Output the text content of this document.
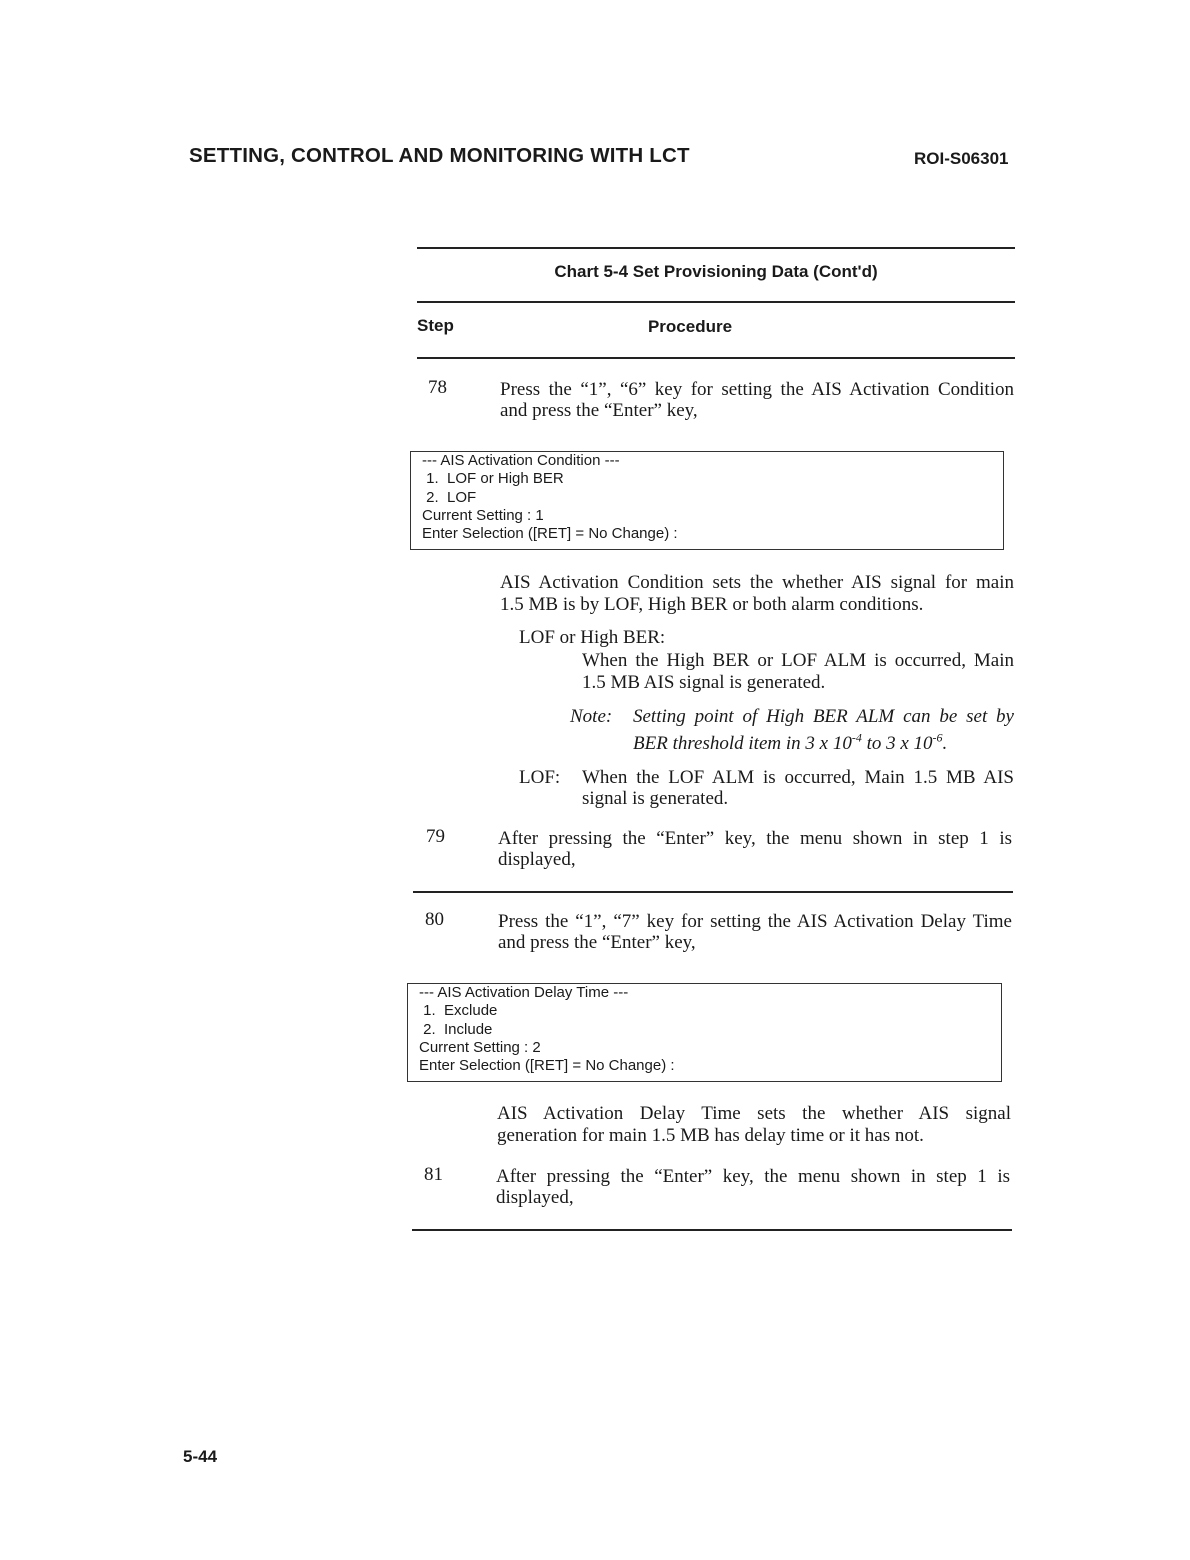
SETTING, CONTROL AND MONITORING WITH LCT	ROI-S06301
Chart 5-4 Set Provisioning Data (Cont'd)
Step	Procedure
78	Press the “1”, “6” key for setting the AIS Activation Condition
and press the “Enter” key,
--- AIS Activation Condition ---
1.  LOF or High BER
2.  LOF
Current Setting : 1
Enter Selection ([RET] = No Change) :
AIS Activation Condition sets the whether AIS signal for main
1.5 MB is by LOF, High BER or both alarm conditions.
LOF or High BER:
When the High BER or LOF ALM is occurred, Main
1.5 MB AIS signal is generated.
Note: Setting point of High BER ALM can be set by
BER threshold item in 3 x $10^{-4}$ to 3 x $10^{-6}$.
LOF: When the LOF ALM is occurred, Main 1.5 MB AIS
signal is generated.
79	After pressing the “Enter” key, the menu shown in step 1 is
displayed,
80	Press the “1”, “7” key for setting the AIS Activation Delay Time
and press the “Enter” key,
--- AIS Activation Delay Time ---
1.  Exclude
2.  Include
Current Setting : 2
Enter Selection ([RET] = No Change) :
AIS Activation Delay Time sets the whether AIS signal
generation for main 1.5 MB has delay time or it has not.
81	After pressing the “Enter” key, the menu shown in step 1 is
displayed,
5-44
